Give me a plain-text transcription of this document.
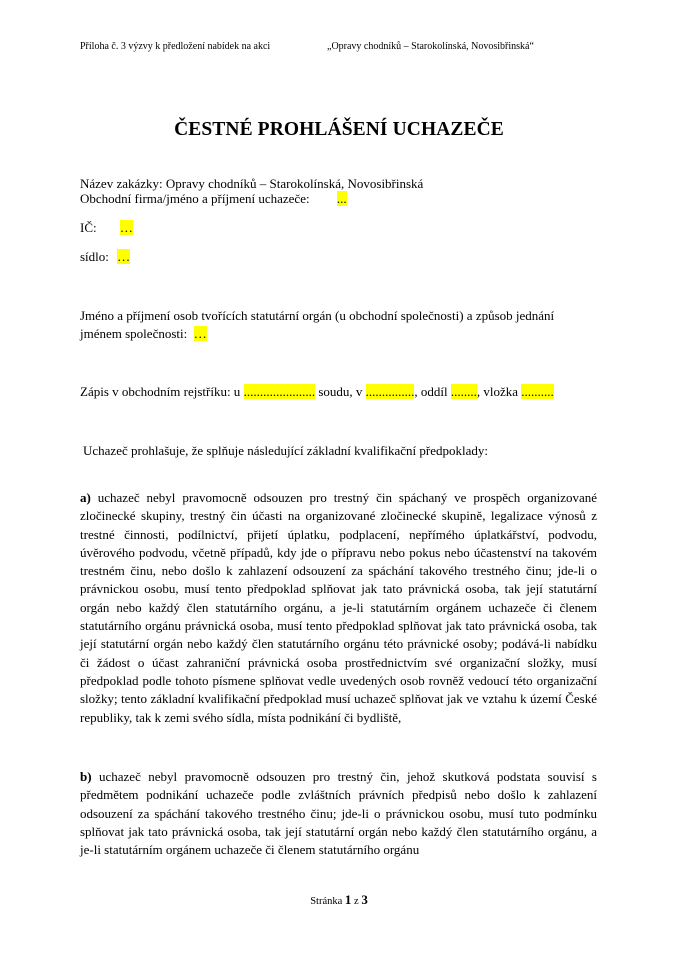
Příloha č. 3 výzvy k předložení nabídek na akci	„Opravy chodníků – Starokolínská, Novosibřinská“
ČESTNÉ PROHLÁŠENÍ UCHAZEČE
Název zakázky: Opravy chodníků – Starokolínská, Novosibřinská
Obchodní firma/jméno a příjmení uchazeče: ...
IČ: …
sídlo: …
Jméno a příjmení osob tvořících statutární orgán (u obchodní společnosti) a způsob jednání
jménem společnosti: …
Zápis v obchodním rejstříku: u ...................... soudu, v ..............., oddíl ........, vložka ..........
Uchazeč prohlašuje, že splňuje následující základní kvalifikační předpoklady:
a) uchazeč nebyl pravomocně odsouzen pro trestný čin spáchaný ve prospěch organizované zločinecké skupiny, trestný čin účasti na organizované zločinecké skupině, legalizace výnosů z trestné činnosti, podílnictví, přijetí úplatku, podplacení, nepřímého úplatkářství, podvodu, úvěrového podvodu, včetně případů, kdy jde o přípravu nebo pokus nebo účastenství na takovém trestném činu, nebo došlo k zahlazení odsouzení za spáchání takového trestného činu; jde-li o právnickou osobu, musí tento předpoklad splňovat jak tato právnická osoba, tak její statutární orgán nebo každý člen statutárního orgánu, a je-li statutárním orgánem uchazeče či členem statutárního orgánu právnická osoba, musí tento předpoklad splňovat jak tato právnická osoba, tak její statutární orgán nebo každý člen statutárního orgánu této právnické osoby; podává-li nabídku či žádost o účast zahraniční právnická osoba prostřednictvím své organizační složky, musí předpoklad podle tohoto písmene splňovat vedle uvedených osob rovněž vedoucí této organizační složky; tento základní kvalifikační předpoklad musí uchazeč splňovat jak ve vztahu k území České republiky, tak k zemi svého sídla, místa podnikání či bydliště,
b) uchazeč nebyl pravomocně odsouzen pro trestný čin, jehož skutková podstata souvisí s předmětem podnikání uchazeče podle zvláštních právních předpisů nebo došlo k zahlazení odsouzení za spáchání takového trestného činu; jde-li o právnickou osobu, musí tuto podmínku splňovat jak tato právnická osoba, tak její statutární orgán nebo každý člen statutárního orgánu, a je-li statutárním orgánem uchazeče či členem statutárního orgánu
Stránka 1 z 3
